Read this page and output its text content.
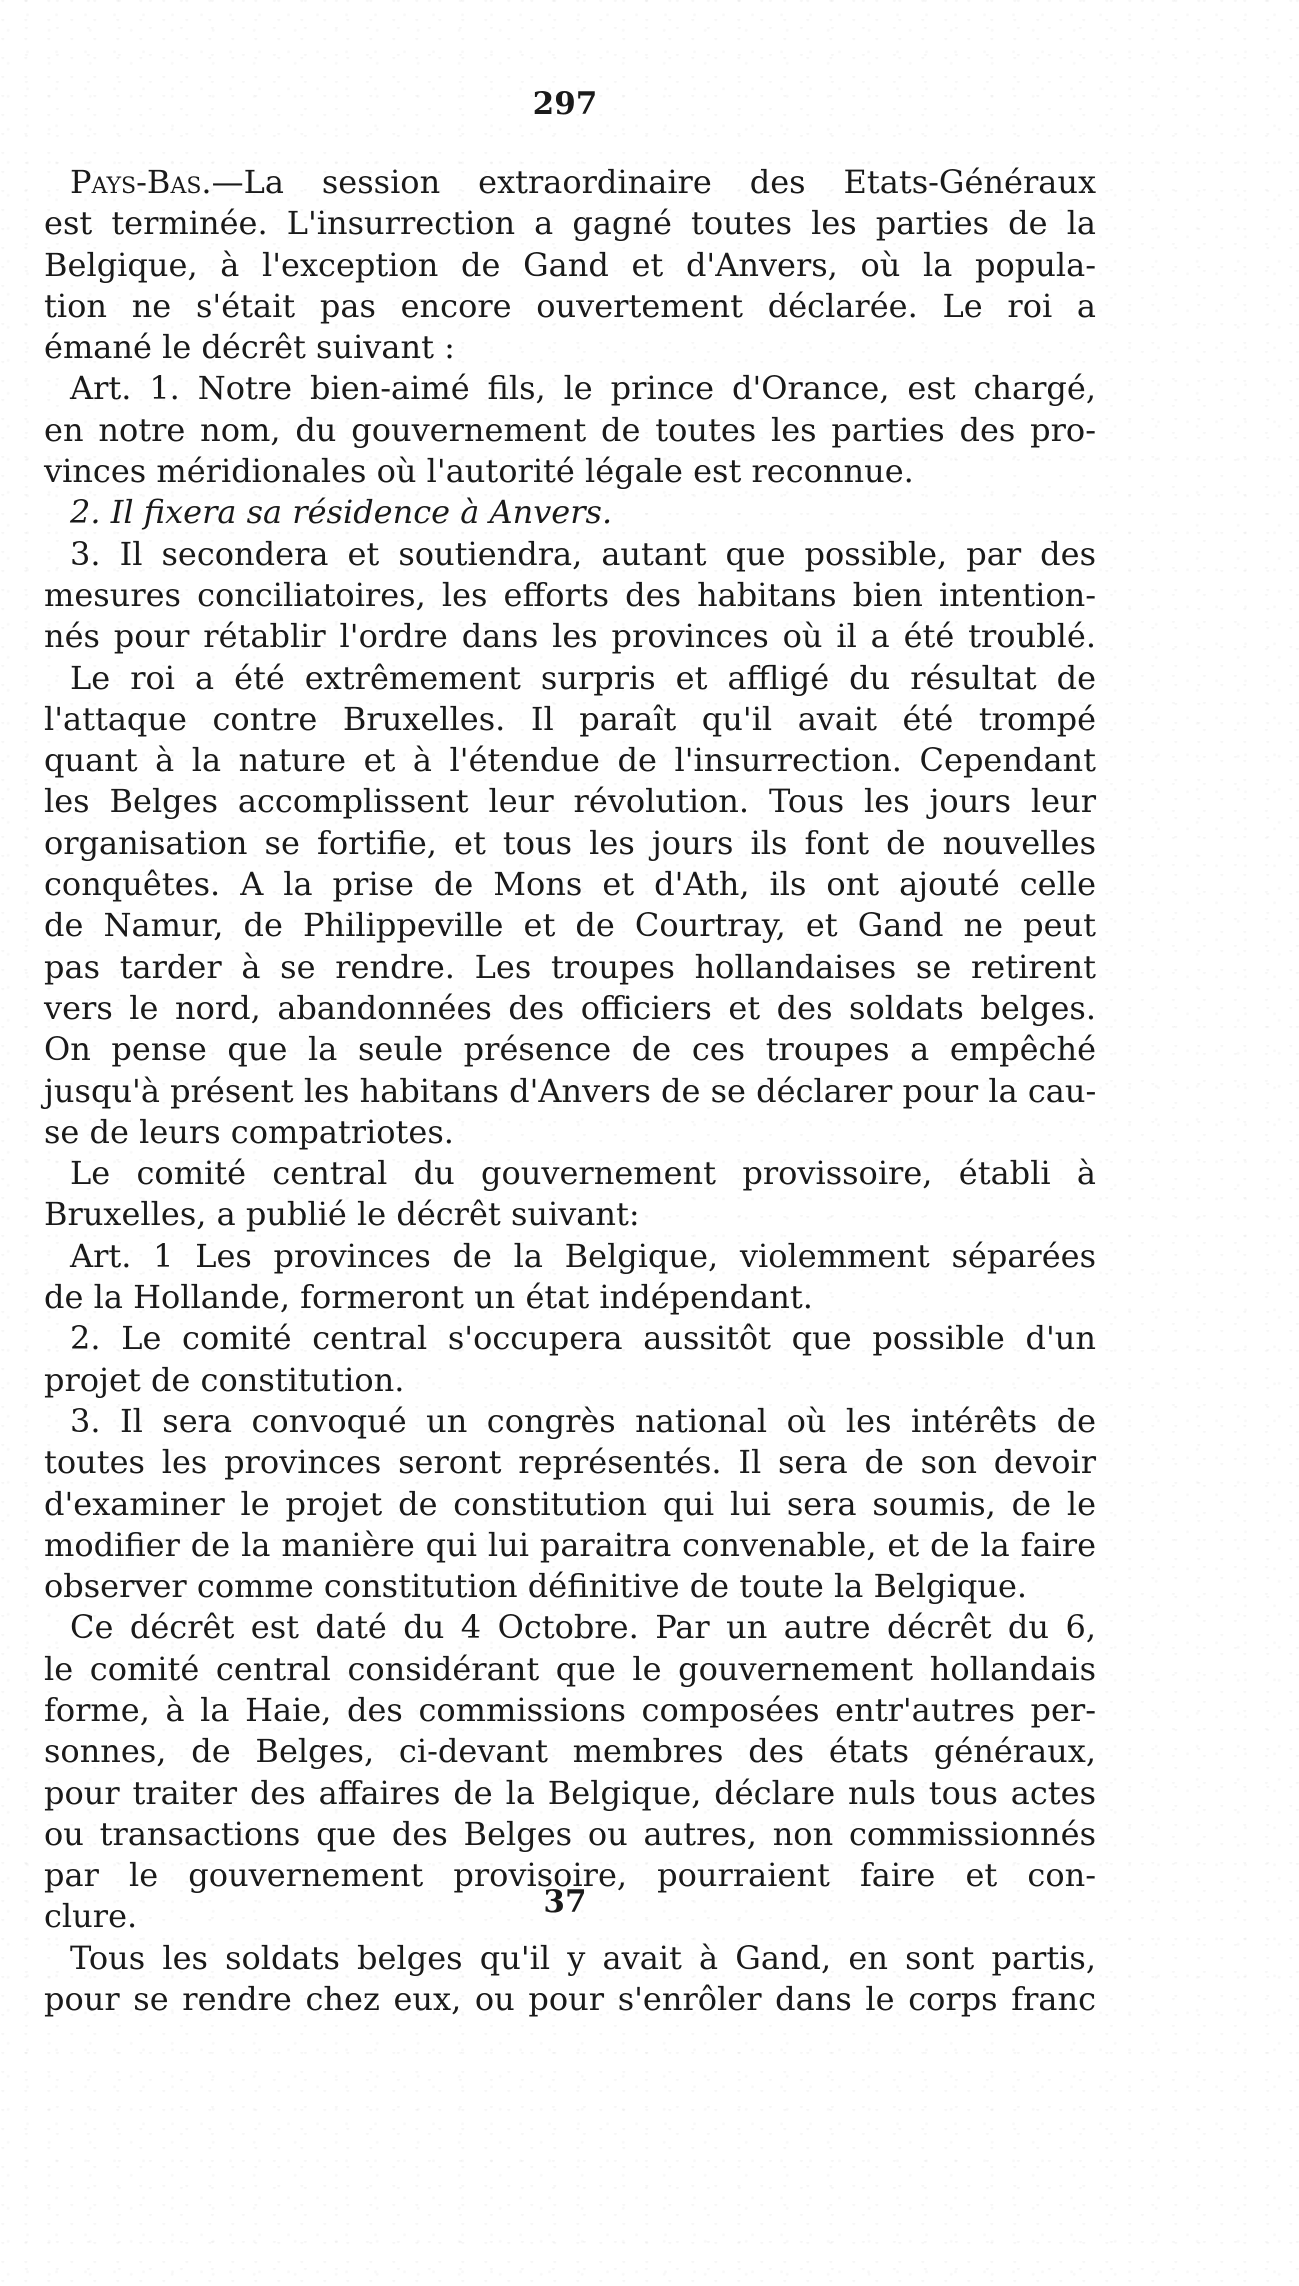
297
Pays-Bas.—La session extraordinaire des Etats-Généraux
est terminée. L'insurrection a gagné toutes les parties de la
Belgique, à l'exception de Gand et d'Anvers, où la popula-
tion ne s'était pas encore ouvertement déclarée. Le roi a
émané le décrêt suivant :
Art. 1. Notre bien-aimé fils, le prince d'Orance, est chargé,
en notre nom, du gouvernement de toutes les parties des pro-
vinces méridionales où l'autorité légale est reconnue.
2. Il fixera sa résidence à Anvers.
3. Il secondera et soutiendra, autant que possible, par des
mesures conciliatoires, les efforts des habitans bien intention-
nés pour rétablir l'ordre dans les provinces où il a été troublé.
Le roi a été extrêmement surpris et affligé du résultat de
l'attaque contre Bruxelles. Il paraît qu'il avait été trompé
quant à la nature et à l'étendue de l'insurrection. Cependant
les Belges accomplissent leur révolution. Tous les jours leur
organisation se fortifie, et tous les jours ils font de nouvelles
conquêtes. A la prise de Mons et d'Ath, ils ont ajouté celle
de Namur, de Philippeville et de Courtray, et Gand ne peut
pas tarder à se rendre. Les troupes hollandaises se retirent
vers le nord, abandonnées des officiers et des soldats belges.
On pense que la seule présence de ces troupes a empêché
jusqu'à présent les habitans d'Anvers de se déclarer pour la cau-
se de leurs compatriotes.
Le comité central du gouvernement provissoire, établi à
Bruxelles, a publié le décrêt suivant:
Art. 1 Les provinces de la Belgique, violemment séparées
de la Hollande, formeront un état indépendant.
2. Le comité central s'occupera aussitôt que possible d'un
projet de constitution.
3. Il sera convoqué un congrès national où les intérêts de
toutes les provinces seront représentés. Il sera de son devoir
d'examiner le projet de constitution qui lui sera soumis, de le
modifier de la manière qui lui paraitra convenable, et de la faire
observer comme constitution définitive de toute la Belgique.
Ce décrêt est daté du 4 Octobre. Par un autre décrêt du 6,
le comité central considérant que le gouvernement hollandais
forme, à la Haie, des commissions composées entr'autres per-
sonnes, de Belges, ci-devant membres des états généraux,
pour traiter des affaires de la Belgique, déclare nuls tous actes
ou transactions que des Belges ou autres, non commissionnés
par le gouvernement provisoire, pourraient faire et con-
clure.
Tous les soldats belges qu'il y avait à Gand, en sont partis,
pour se rendre chez eux, ou pour s'enrôler dans le corps franc
37
